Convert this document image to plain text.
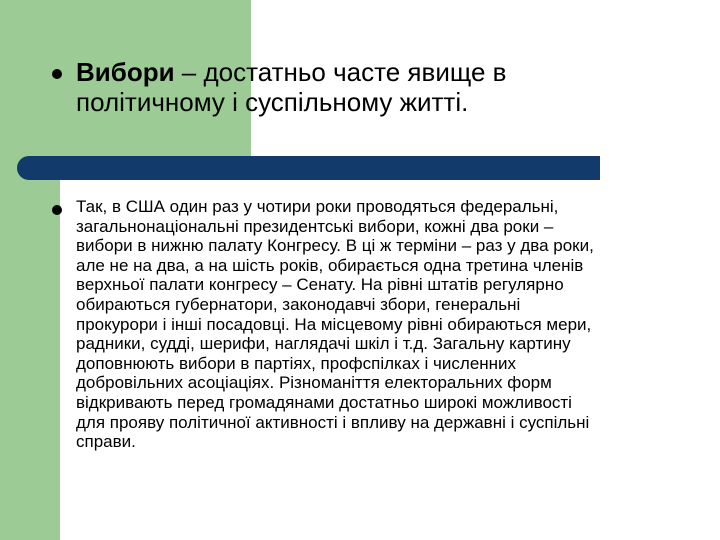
Вибори – достатньо часте явище в
політичному і суспільному житті.
Так, в США один раз у чотири роки проводяться федеральні,
загальнонаціональні президентські вибори, кожні два роки –
вибори в нижню палату Конгресу. В ці ж терміни – раз у два роки,
але не на два, а на шість років, обирається одна третина членів
верхньої палати конгресу – Сенату. На рівні штатів регулярно
обираються губернатори, законодавчі збори, генеральні
прокурори і інші посадовці. На місцевому рівні обираються мери,
радники, судді, шерифи, наглядачі шкіл і т.д. Загальну картину
доповнюють вибори в партіях, профспілках і численних
добровільних асоціаціях. Різноманіття електоральних форм
відкривають перед громадянами достатньо широкі можливості
для прояву політичної активності і впливу на державні і суспільні
справи.
